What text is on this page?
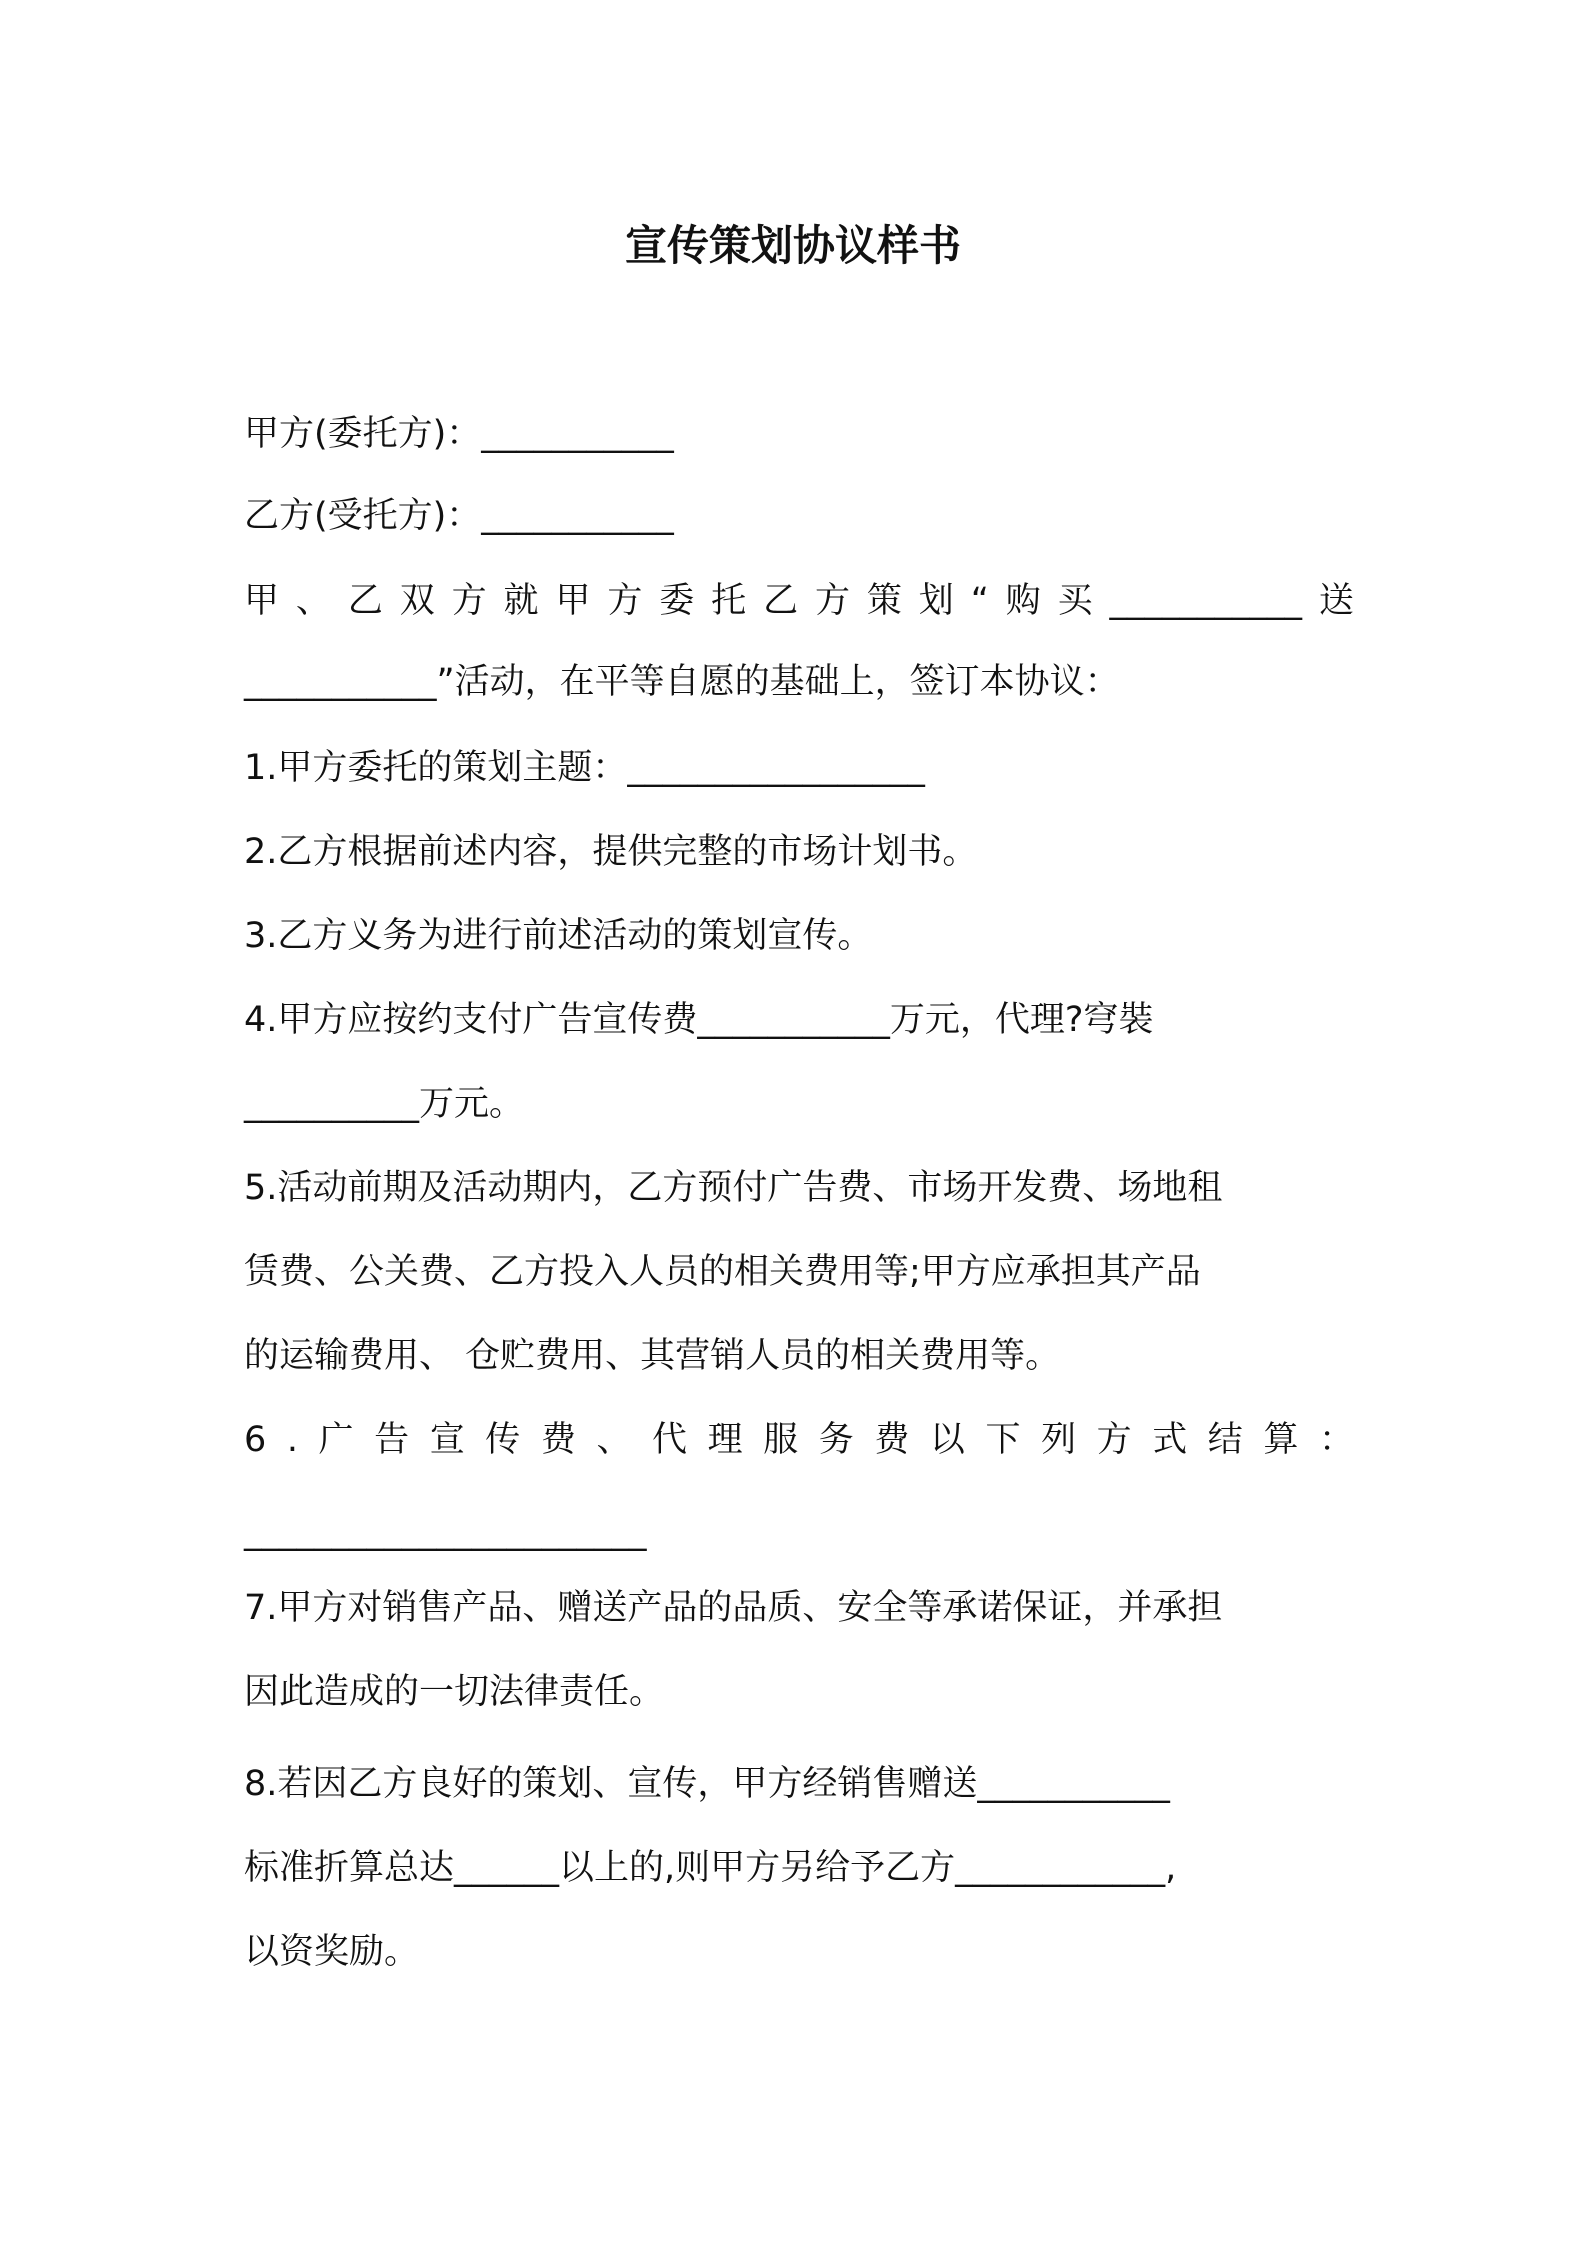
宣传策划协议样书

甲方(委托方)：___________

乙方(受托方)：___________

甲 、 乙 双 方 就 甲 方 委 托 乙 方 策 划 “ 购 买 ___________ 送

___________”活动，在平等自愿的基础上，签订本协议：

1.甲方委托的策划主题：_________________

2.乙方根据前述内容，提供完整的市场计划书。

3.乙方义务为进行前述活动的策划宣传。

4.甲方应按约支付广告宣传费___________万元，代理?穹裝

__________万元。

5.活动前期及活动期内，乙方预付广告费、市场开发费、场地租

赁费、公关费、乙方投入人员的相关费用等;甲方应承担其产品

的运输费用、 仓贮费用、其营销人员的相关费用等。

6 . 广 告 宣 传 费 、 代 理 服 务 费 以 下 列 方 式 结 算 ：

_______________________

7.甲方对销售产品、赠送产品的品质、安全等承诺保证，并承担

因此造成的一切法律责任。

8.若因乙方良好的策划、宣传，甲方经销售赠送___________

标准折算总达______以上的,则甲方另给予乙方____________,

以资奖励。
